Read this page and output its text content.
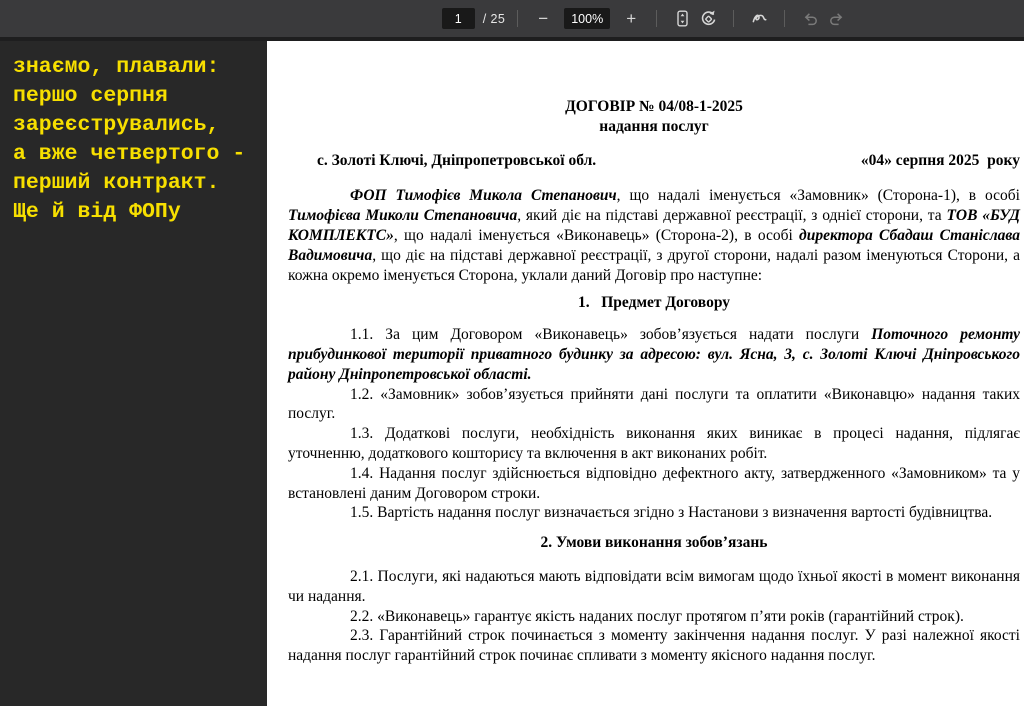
1
/ 25	−	100%	+
знаємо, плавали:
першо серпня
зареєструвались,
а вже четвертого -
перший контракт.
Ще й від ФОПу
ДОГОВІР № 04/08-1-2025
надання послуг
с. Золоті Ключі, Дніпропетровської обл.	«04» серпня 2025  року

ФОП Тимофієв Микола Степанович, що надалі іменується «Замовник» (Сторона-1), в особі Тимофієва Миколи Степановича, який діє на підставі державної реєстрації, з однієї сторони, та ТОВ «БУД КОМПЛЕКТС», що надалі іменується «Виконавець» (Сторона-2), в особі директора Сбадаш Станіслава Вадимовича, що діє на підставі державної реєстрації, з другої сторони, надалі разом іменуються Сторони, а кожна окремо іменується Сторона, уклали даний Договір про наступне:

1.   Предмет Договору

1.1. За цим Договором «Виконавець» зобов’язується надати послуги Поточного ремонту прибудинкової території приватного будинку за адресою: вул. Ясна, 3, с. Золоті Ключі Дніпровського району Дніпропетровської області.

1.2. «Замовник» зобов’язується прийняти дані послуги та оплатити «Виконавцю» надання таких послуг.

1.3. Додаткові послуги, необхідність виконання яких виникає в процесі надання, підлягає уточненню, додаткового кошторису та включення в акт виконаних робіт.

1.4. Надання послуг здійснюється відповідно дефектного акту, затвердженного «Замовником» та у встановлені даним Договором строки.

1.5. Вартість надання послуг визначається згідно з Настанови з визначення вартості будівництва.

2. Умови виконання зобов’язань

2.1. Послуги, які надаються мають відповідати всім вимогам щодо їхньої якості в момент виконання чи надання.

2.2. «Виконавець» гарантує якість наданих послуг протягом п’яти років (гарантійний строк).

2.3. Гарантійний строк починається з моменту закінчення надання послуг. У разі належної якості надання послуг гарантійний строк починає спливати з моменту якісного надання послуг.
